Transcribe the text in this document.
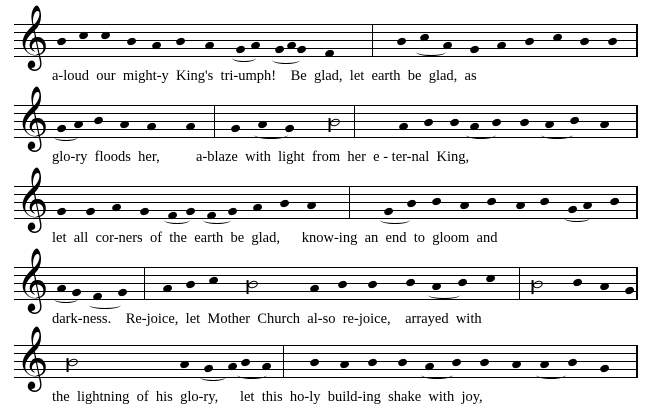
𝄞
a-loud  our  might-y  King's  tri-umph!    Be  glad,  let  earth  be  glad,  as
𝄞
glo-ry  floods  her,          a-blaze  with  light  from  her  e - ter-nal  King,
𝄞
let  all  cor-ners  of  the  earth  be  glad,      know-ing  an  end  to  gloom  and
𝄞
dark-ness.    Re-joice,  let  Mother  Church  al-so  re-joice,    arrayed  with
𝄞
the  lightning  of  his  glo-ry,      let  this  ho-ly  build-ing  shake  with  joy,
